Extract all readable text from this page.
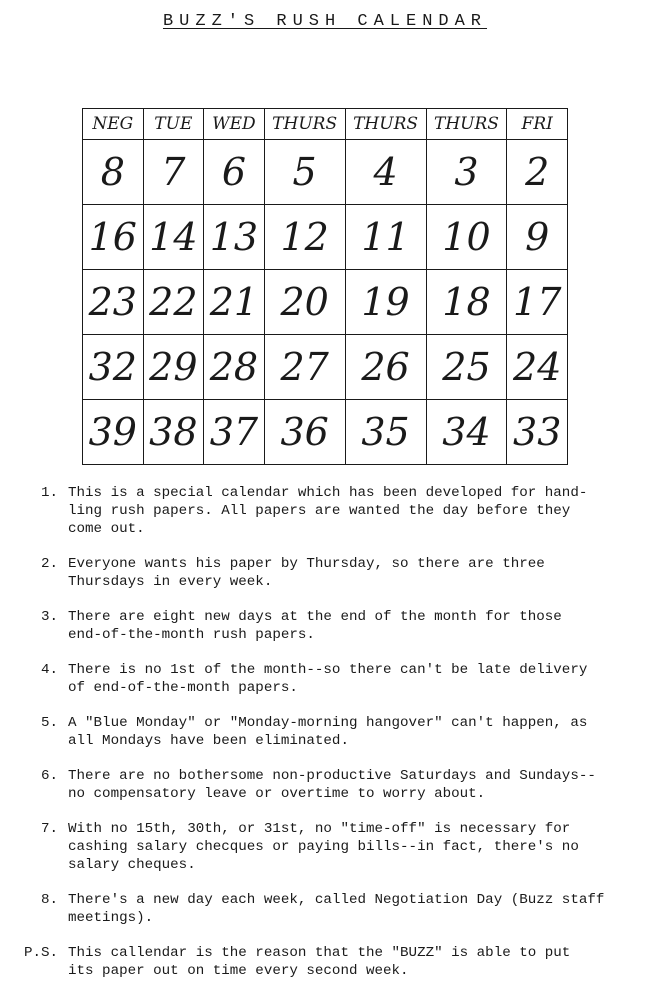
BUZZ'S RUSH CALENDAR
NEG	TUE	WED	THURS	THURS	THURS	FRI
8	7	6	5	4	3	2
16	14	13	12	11	10	9
23	22	21	20	19	18	17
32	29	28	27	26	25	24
39	38	37	36	35	34	33
1. This is a special calendar which has been developed for hand-
ling rush papers. All papers are wanted the day before they
come out.
2. Everyone wants his paper by Thursday, so there are three
Thursdays in every week.
3. There are eight new days at the end of the month for those
end-of-the-month rush papers.
4. There is no 1st of the month--so there can't be late delivery
of end-of-the-month papers.
5. A "Blue Monday" or "Monday-morning hangover" can't happen, as
all Mondays have been eliminated.
6. There are no bothersome non-productive Saturdays and Sundays--
no compensatory leave or overtime to worry about.
7. With no 15th, 30th, or 31st, no "time-off" is necessary for
cashing salary checques or paying bills--in fact, there's no
salary cheques.
8. There's a new day each week, called Negotiation Day (Buzz staff
meetings).
P.S. This callendar is the reason that the "BUZZ" is able to put
its paper out on time every second week.
